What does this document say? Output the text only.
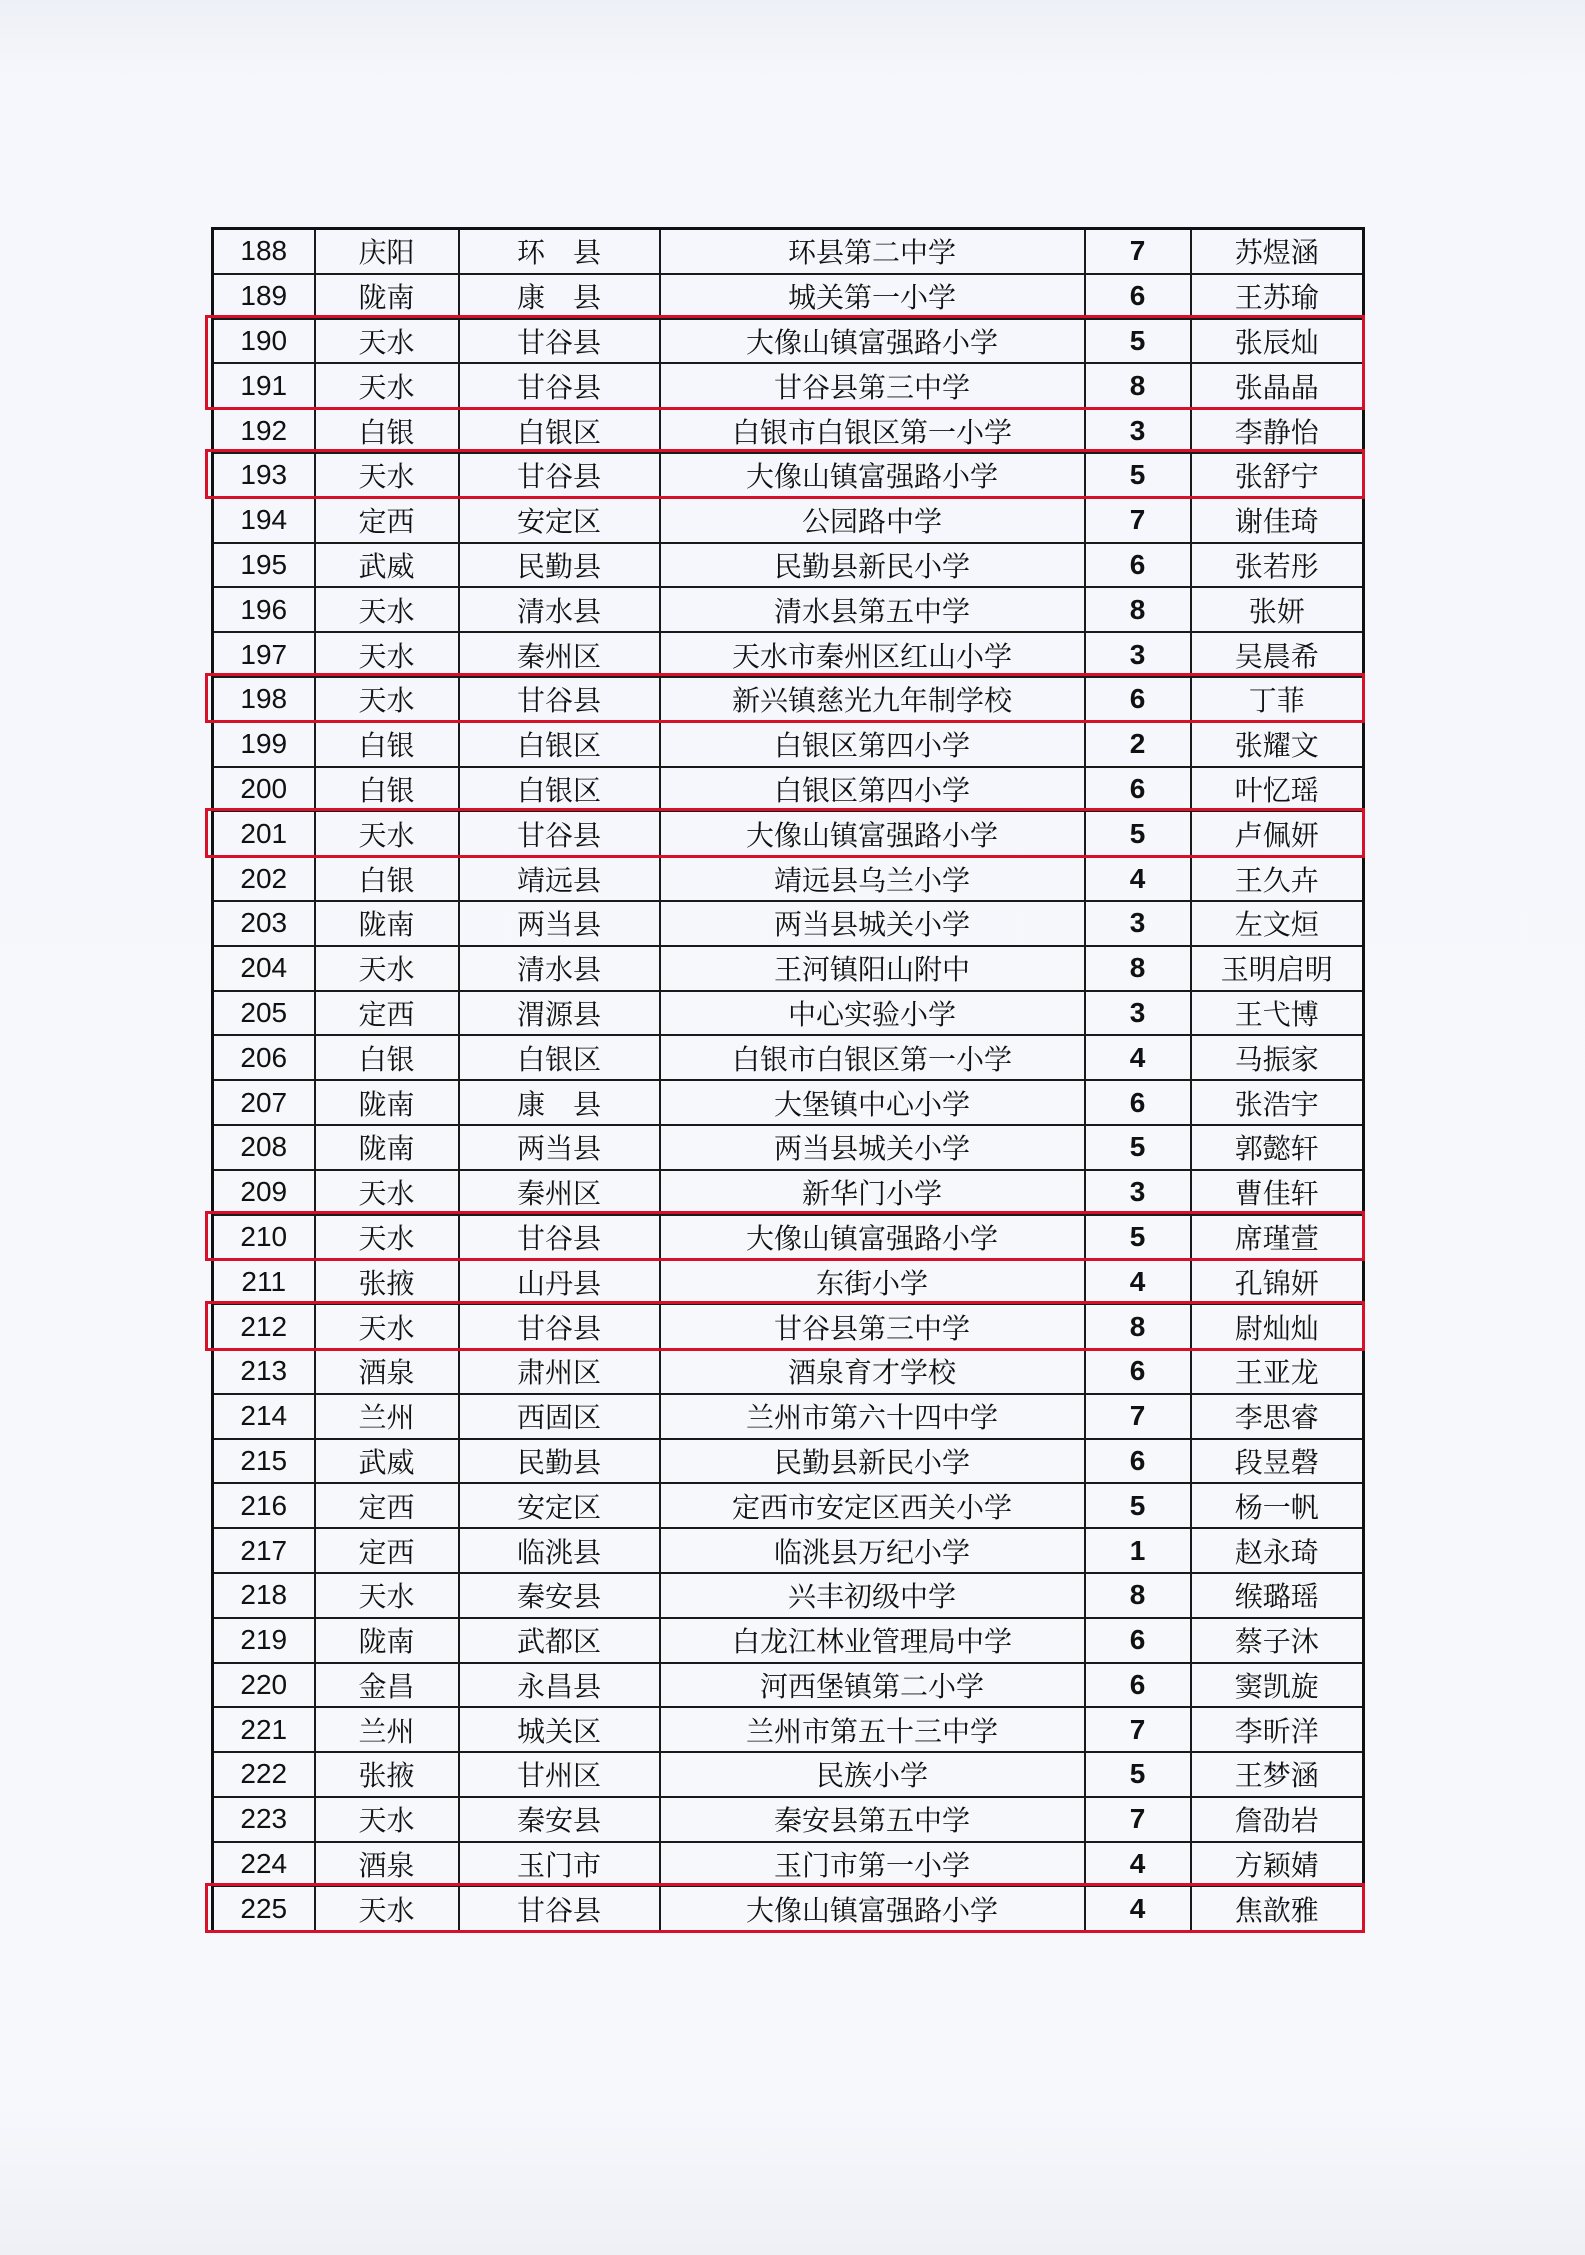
188	庆阳	环　县	环县第二中学	7	苏煜涵
189	陇南	康　县	城关第一小学	6	王苏瑜
190	天水	甘谷县	大像山镇富强路小学	5	张辰灿
191	天水	甘谷县	甘谷县第三中学	8	张晶晶
192	白银	白银区	白银市白银区第一小学	3	李静怡
193	天水	甘谷县	大像山镇富强路小学	5	张舒宁
194	定西	安定区	公园路中学	7	谢佳琦
195	武威	民勤县	民勤县新民小学	6	张若彤
196	天水	清水县	清水县第五中学	8	张妍
197	天水	秦州区	天水市秦州区红山小学	3	吴晨希
198	天水	甘谷县	新兴镇慈光九年制学校	6	丁菲
199	白银	白银区	白银区第四小学	2	张耀文
200	白银	白银区	白银区第四小学	6	叶忆瑶
201	天水	甘谷县	大像山镇富强路小学	5	卢佩妍
202	白银	靖远县	靖远县乌兰小学	4	王久卉
203	陇南	两当县	两当县城关小学	3	左文烜
204	天水	清水县	王河镇阳山附中	8	玉明启明
205	定西	渭源县	中心实验小学	3	王弋博
206	白银	白银区	白银市白银区第一小学	4	马振家
207	陇南	康　县	大堡镇中心小学	6	张浩宇
208	陇南	两当县	两当县城关小学	5	郭懿轩
209	天水	秦州区	新华门小学	3	曹佳轩
210	天水	甘谷县	大像山镇富强路小学	5	席瑾萱
211	张掖	山丹县	东街小学	4	孔锦妍
212	天水	甘谷县	甘谷县第三中学	8	尉灿灿
213	酒泉	肃州区	酒泉育才学校	6	王亚龙
214	兰州	西固区	兰州市第六十四中学	7	李思睿
215	武威	民勤县	民勤县新民小学	6	段昱磬
216	定西	安定区	定西市安定区西关小学	5	杨一帆
217	定西	临洮县	临洮县万纪小学	1	赵永琦
218	天水	秦安县	兴丰初级中学	8	缑璐瑶
219	陇南	武都区	白龙江林业管理局中学	6	蔡子沐
220	金昌	永昌县	河西堡镇第二小学	6	窦凯旋
221	兰州	城关区	兰州市第五十三中学	7	李昕洋
222	张掖	甘州区	民族小学	5	王梦涵
223	天水	秦安县	秦安县第五中学	7	詹劭岩
224	酒泉	玉门市	玉门市第一小学	4	方颖婧
225	天水	甘谷县	大像山镇富强路小学	4	焦歆雅
